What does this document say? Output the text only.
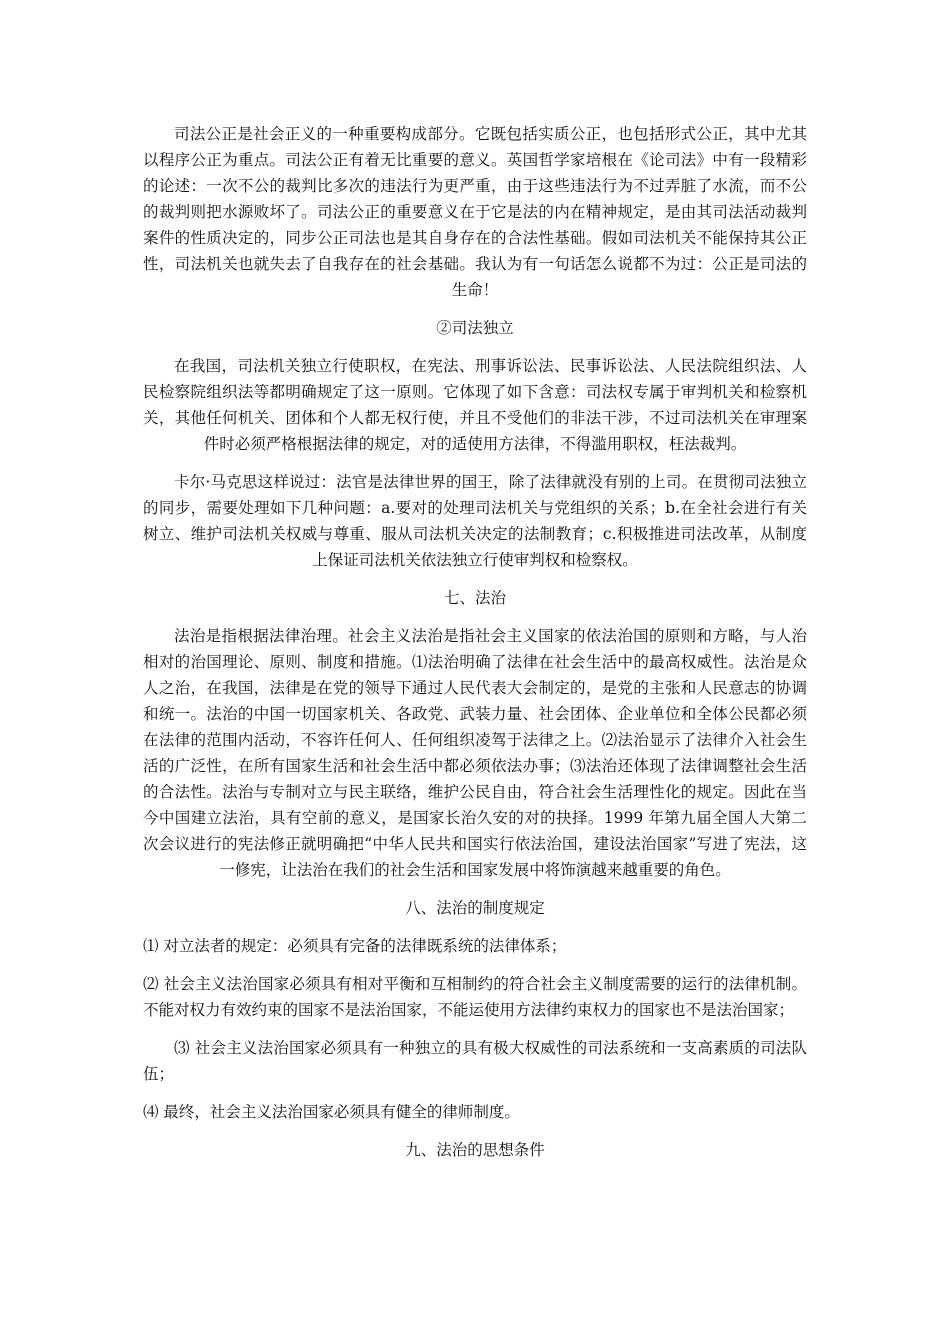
司法公正是社会正义的一种重要构成部分。它既包括实质公正，也包括形式公正，其中尤其以程序公正为重点。司法公正有着无比重要的意义。英国哲学家培根在《论司法》中有一段精彩的论述：一次不公的裁判比多次的违法行为更严重，由于这些违法行为不过弄脏了水流，而不公的裁判则把水源败坏了。司法公正的重要意义在于它是法的内在精神规定，是由其司法活动裁判案件的性质决定的，同步公正司法也是其自身存在的合法性基础。假如司法机关不能保持其公正性，司法机关也就失去了自我存在的社会基础。我认为有一句话怎么说都不为过：公正是司法的生命！

②司法独立

在我国，司法机关独立行使职权，在宪法、刑事诉讼法、民事诉讼法、人民法院组织法、人民检察院组织法等都明确规定了这一原则。它体现了如下含意：司法权专属于审判机关和检察机关，其他任何机关、团体和个人都无权行使，并且不受他们的非法干涉，不过司法机关在审理案件时必须严格根据法律的规定，对的适使用方法律，不得滥用职权，枉法裁判。

卡尔·马克思这样说过：法官是法律世界的国王，除了法律就没有别的上司。在贯彻司法独立的同步，需要处理如下几种问题：a.要对的处理司法机关与党组织的关系；b.在全社会进行有关树立、维护司法机关权威与尊重、服从司法机关决定的法制教育；c.积极推进司法改革，从制度上保证司法机关依法独立行使审判权和检察权。

七、法治

法治是指根据法律治理。社会主义法治是指社会主义国家的依法治国的原则和方略，与人治相对的治国理论、原则、制度和措施。⑴法治明确了法律在社会生活中的最高权威性。法治是众人之治，在我国，法律是在党的领导下通过人民代表大会制定的，是党的主张和人民意志的协调和统一。法治的中国一切国家机关、各政党、武装力量、社会团体、企业单位和全体公民都必须在法律的范围内活动，不容许任何人、任何组织凌驾于法律之上。⑵法治显示了法律介入社会生活的广泛性，在所有国家生活和社会生活中都必须依法办事；⑶法治还体现了法律调整社会生活的合法性。法治与专制对立与民主联络，维护公民自由，符合社会生活理性化的规定。因此在当今中国建立法治，具有空前的意义，是国家长治久安的对的抉择。1999 年第九届全国人大第二次会议进行的宪法修正就明确把“中华人民共和国实行依法治国，建设法治国家”写进了宪法，这一修宪，让法治在我们的社会生活和国家发展中将饰演越来越重要的角色。

八、法治的制度规定

⑴ 对立法者的规定：必须具有完备的法律既系统的法律体系；

⑵ 社会主义法治国家必须具有相对平衡和互相制约的符合社会主义制度需要的运行的法律机制。不能对权力有效约束的国家不是法治国家，不能运使用方法律约束权力的国家也不是法治国家；

⑶ 社会主义法治国家必须具有一种独立的具有极大权威性的司法系统和一支高素质的司法队伍；

⑷ 最终，社会主义法治国家必须具有健全的律师制度。

九、法治的思想条件
